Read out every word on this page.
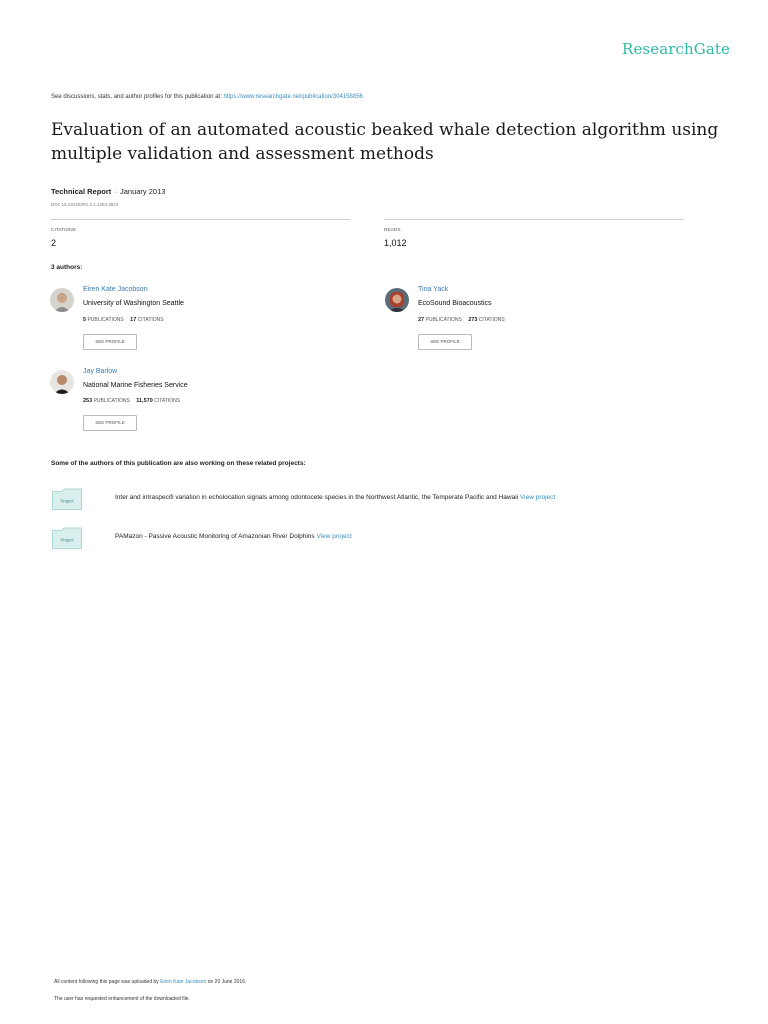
ResearchGate
See discussions, stats, and author profiles for this publication at: https://www.researchgate.net/publication/304158856
Evaluation of an automated acoustic beaked whale detection algorithm using multiple validation and assessment methods
Technical Report · January 2013
DOI: 10.13140/RG.2.1.1254.3923
CITATIONS
2
READS
1,012
3 authors:
Eiren Kate Jacobson
University of Washington Seattle
5 PUBLICATIONS 17 CITATIONS
SEE PROFILE
Tina Yack
EcoSound Bioacoustics
27 PUBLICATIONS 273 CITATIONS
SEE PROFILE
Jay Barlow
National Marine Fisheries Service
253 PUBLICATIONS 11,570 CITATIONS
SEE PROFILE
Some of the authors of this publication are also working on these related projects:
Project	Inter and intraspecifi variation in echolocation signals among odontocete species in the Northwest Atlantic, the Temperate Pacific and Hawaii View project
Project	PAMazon - Passive Acoustic Monitoring of Amazonian River Dolphins View project
All content following this page was uploaded by Eiren Kate Jacobson on 20 June 2016.
The user has requested enhancement of the downloaded file.
